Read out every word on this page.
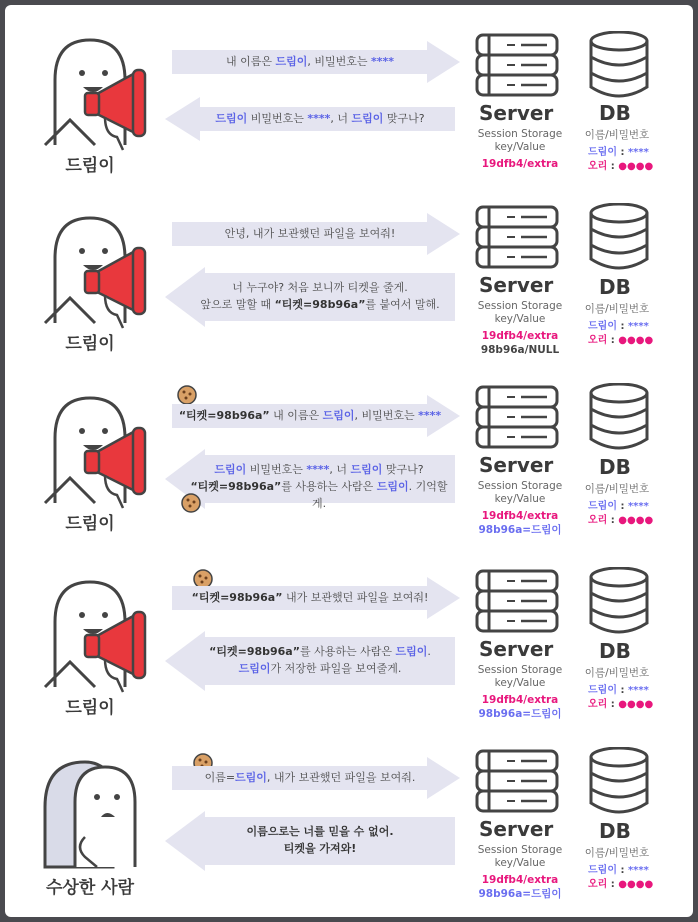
드림이
내 이름은 드림이, 비밀번호는 ****
드림이 비밀번호는 ****, 너 드림이 맞구나?	Server
Session Storage
key/Value
19dfb4/extra
DB
이름/비밀번호
드림이 : ****
오리 : ●●●●
드림이
안녕, 내가 보관했던 파일을 보여줘!
너 누구야? 처음 보니까 티켓을 줄게.
앞으로 말할 때 “티켓=98b96a”를 붙여서 말해.
Server
Session Storage
key/Value
19dfb4/extra
98b96a/NULL
DB
이름/비밀번호
드림이 : ****
오리 : ●●●●
드림이
“티켓=98b96a” 내 이름은 드림이, 비밀번호는 ****
드림이 비밀번호는 ****, 너 드림이 맞구나?
“티켓=98b96a”를 사용하는 사람은 드림이. 기억할게.
Server
Session Storage
key/Value
19dfb4/extra
98b96a=드림이
DB
이름/비밀번호
드림이 : ****
오리 : ●●●●
드림이
“티켓=98b96a” 내가 보관했던 파일을 보여줘!
“티켓=98b96a”를 사용하는 사람은 드림이.
드림이가 저장한 파일을 보여줄게.
Server
Session Storage
key/Value
19dfb4/extra
98b96a=드림이
DB
이름/비밀번호
드림이 : ****
오리 : ●●●●
수상한 사람
이름=드림이, 내가 보관했던 파일을 보여줘.
이름으로는 너를 믿을 수 없어.
티켓을 가져와!
Server
Session Storage
key/Value
19dfb4/extra
98b96a=드림이
DB
이름/비밀번호
드림이 : ****
오리 : ●●●●
